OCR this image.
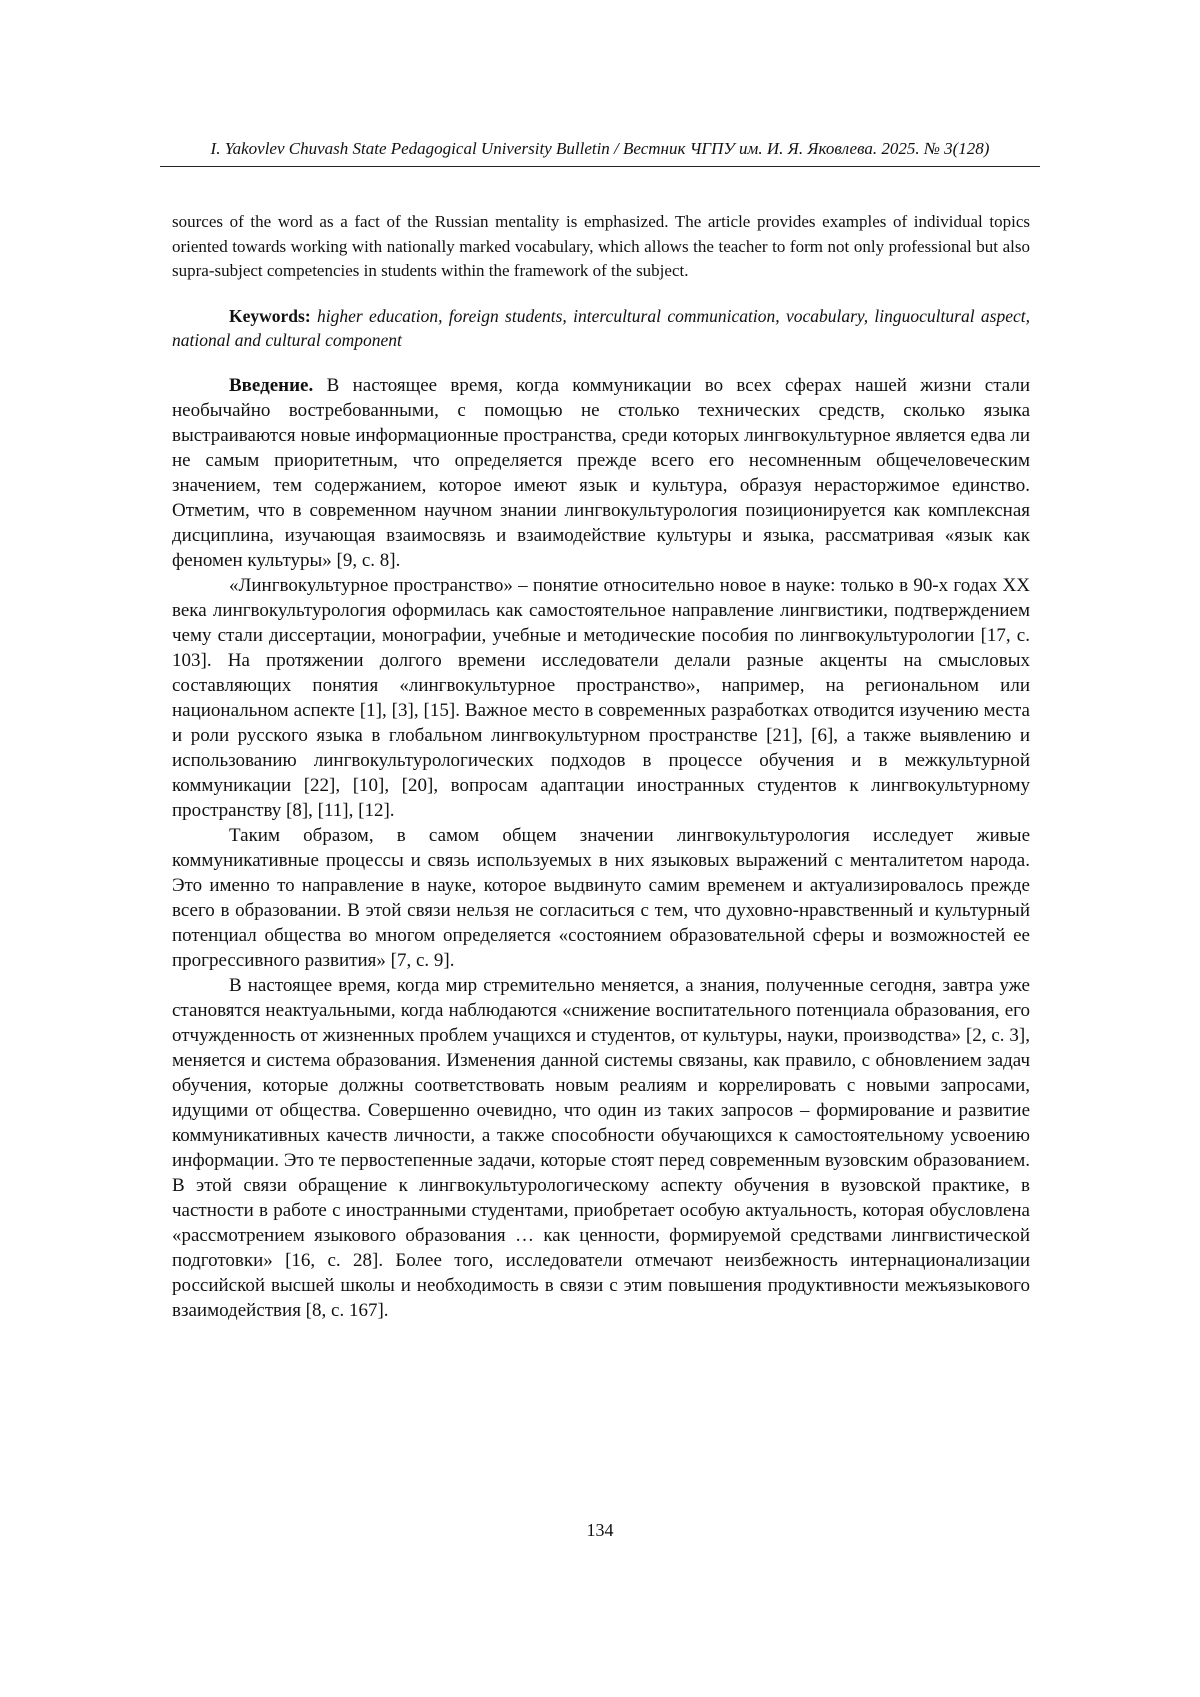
I. Yakovlev Chuvash State Pedagogical University Bulletin / Вестник ЧГПУ им. И. Я. Яковлева. 2025. № 3(128)

sources of the word as a fact of the Russian mentality is emphasized. The article provides examples of individual topics oriented towards working with nationally marked vocabulary, which allows the teacher to form not only professional but also supra-subject competencies in students within the framework of the subject.

Keywords: higher education, foreign students, intercultural communication, vocabulary, linguocultural aspect, national and cultural component

Введение. В настоящее время, когда коммуникации во всех сферах нашей жизни стали необычайно востребованными, с помощью не столько технических средств, сколько языка выстраиваются новые информационные пространства, среди которых лингвокультурное является едва ли не самым приоритетным, что определяется прежде всего его несомненным общечеловеческим значением, тем содержанием, которое имеют язык и культура, образуя нерасторжимое единство. Отметим, что в современном научном знании лингвокультурология позиционируется как комплексная дисциплина, изучающая взаимосвязь и взаимодействие культуры и языка, рассматривая «язык как феномен культуры» [9, с. 8].

«Лингвокультурное пространство» – понятие относительно новое в науке: только в 90-х годах XX века лингвокультурология оформилась как самостоятельное направление лингвистики, подтверждением чему стали диссертации, монографии, учебные и методические пособия по лингвокультурологии [17, с. 103]. На протяжении долгого времени исследователи делали разные акценты на смысловых составляющих понятия «лингвокультурное пространство», например, на региональном или национальном аспекте [1], [3], [15]. Важное место в современных разработках отводится изучению места и роли русского языка в глобальном лингвокультурном пространстве [21], [6], а также выявлению и использованию лингвокультурологических подходов в процессе обучения и в межкультурной коммуникации [22], [10], [20], вопросам адаптации иностранных студентов к лингвокультурному пространству [8], [11], [12].

Таким образом, в самом общем значении лингвокультурология исследует живые коммуникативные процессы и связь используемых в них языковых выражений с менталитетом народа. Это именно то направление в науке, которое выдвинуто самим временем и актуализировалось прежде всего в образовании. В этой связи нельзя не согласиться с тем, что духовно-нравственный и культурный потенциал общества во многом определяется «состоянием образовательной сферы и возможностей ее прогрессивного развития» [7, с. 9].

В настоящее время, когда мир стремительно меняется, а знания, полученные сегодня, завтра уже становятся неактуальными, когда наблюдаются «снижение воспитательного потенциала образования, его отчужденность от жизненных проблем учащихся и студентов, от культуры, науки, производства» [2, с. 3], меняется и система образования. Изменения данной системы связаны, как правило, с обновлением задач обучения, которые должны соответствовать новым реалиям и коррелировать с новыми запросами, идущими от общества. Совершенно очевидно, что один из таких запросов – формирование и развитие коммуникативных качеств личности, а также способности обучающихся к самостоятельному усвоению информации. Это те первостепенные задачи, которые стоят перед современным вузовским образованием. В этой связи обращение к лингвокультурологическому аспекту обучения в вузовской практике, в частности в работе с иностранными студентами, приобретает особую актуальность, которая обусловлена «рассмотрением языкового образования … как ценности, формируемой средствами лингвистической подготовки» [16, с. 28]. Более того, исследователи отмечают неизбежность интернационализации российской высшей школы и необходимость в связи с этим повышения продуктивности межъязыкового взаимодействия [8, с. 167].

134
